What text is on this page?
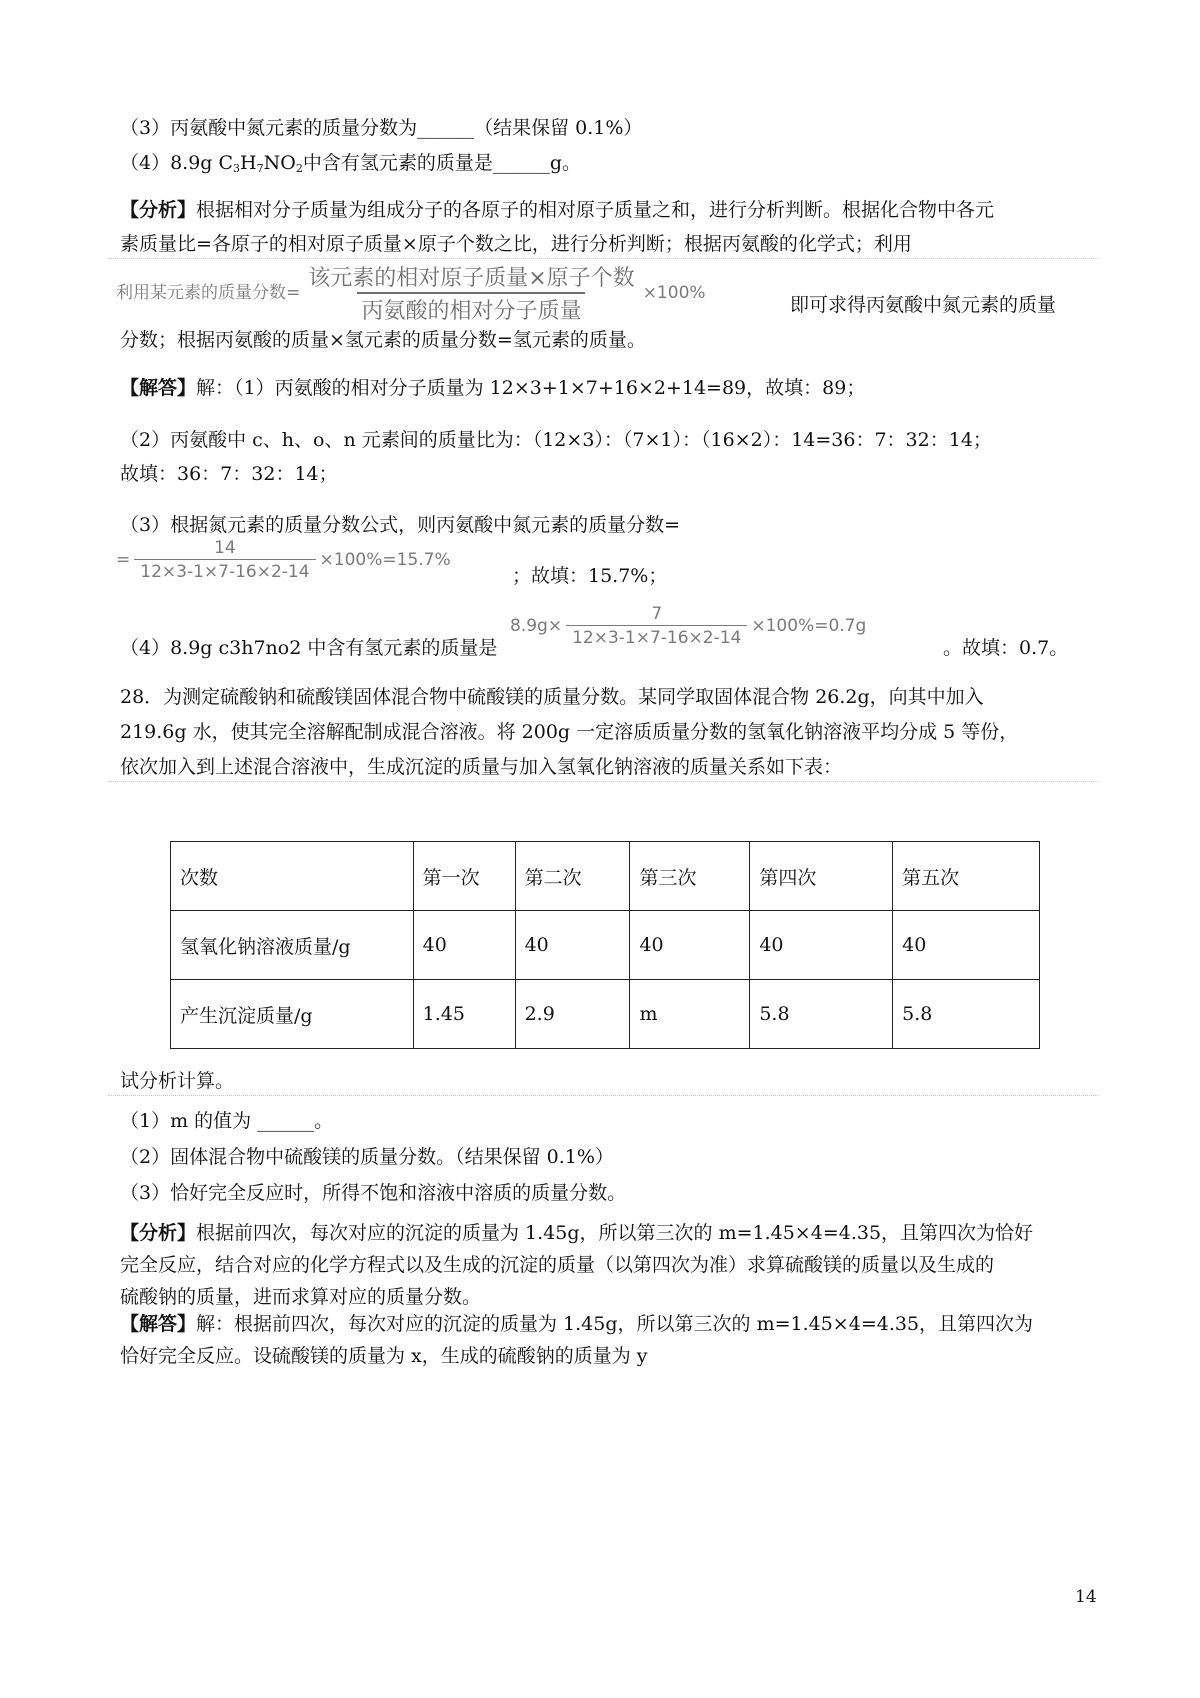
（3）丙氨酸中氮元素的质量分数为______（结果保留 0.1%）
（4）8.9g $C_3H_7NO_2$中含有氢元素的质量是______g。
【分析】根据相对分子质量为组成分子的各原子的相对原子质量之和，进行分析判断。根据化合物中各元
素质量比=各原子的相对原子质量×原子个数之比，进行分析判断；根据丙氨酸的化学式；利用
利用某元素的质量分数= $\frac{\text{该元素的相对原子质量×原子个数}}{\text{丙氨酸的相对分子质量}} \times 100\%$
即可求得丙氨酸中氮元素的质量
分数；根据丙氨酸的质量×氢元素的质量分数=氢元素的质量。
【解答】解：（1）丙氨酸的相对分子质量为 12×3+1×7+16×2+14=89，故填：89；
（2）丙氨酸中 c、h、o、n 元素间的质量比为：（12×3）：（7×1）：（16×2）：14=36：7：32：14；
故填：36：7：32：14；
（3）根据氮元素的质量分数公式，则丙氨酸中氮元素的质量分数=
= $\frac{14}{12\times 3-1\times 7-16\times 2-14} \times 100\%=15.7\%$
；故填：15.7%；
$8.9g\times \frac{7}{12\times 3-1\times 7-16\times 2-14} \times 100\%=0.7g$
（4）8.9g c3h7no2 中含有氢元素的质量是	。故填：0.7。
28．为测定硫酸钠和硫酸镁固体混合物中硫酸镁的质量分数。某同学取固体混合物 26.2g，向其中加入
219.6g 水，使其完全溶解配制成混合溶液。将 200g 一定溶质质量分数的氢氧化钠溶液平均分成 5 等份，
依次加入到上述混合溶液中，生成沉淀的质量与加入氢氧化钠溶液的质量关系如下表：
次数	第一次	第二次	第三次	第四次	第五次
氢氧化钠溶液质量/g	40	40	40	40	40
产生沉淀质量/g	1.45	2.9	m	5.8	5.8
试分析计算。
（1）m 的值为 ______。
（2）固体混合物中硫酸镁的质量分数。（结果保留 0.1%）
（3）恰好完全反应时，所得不饱和溶液中溶质的质量分数。
【分析】根据前四次，每次对应的沉淀的质量为 1.45g，所以第三次的 m=1.45×4=4.35，且第四次为恰好
完全反应，结合对应的化学方程式以及生成的沉淀的质量（以第四次为准）求算硫酸镁的质量以及生成的
硫酸钠的质量，进而求算对应的质量分数。
【解答】解：根据前四次，每次对应的沉淀的质量为 1.45g，所以第三次的 m=1.45×4=4.35，且第四次为
恰好完全反应。设硫酸镁的质量为 x，生成的硫酸钠的质量为 y
14
